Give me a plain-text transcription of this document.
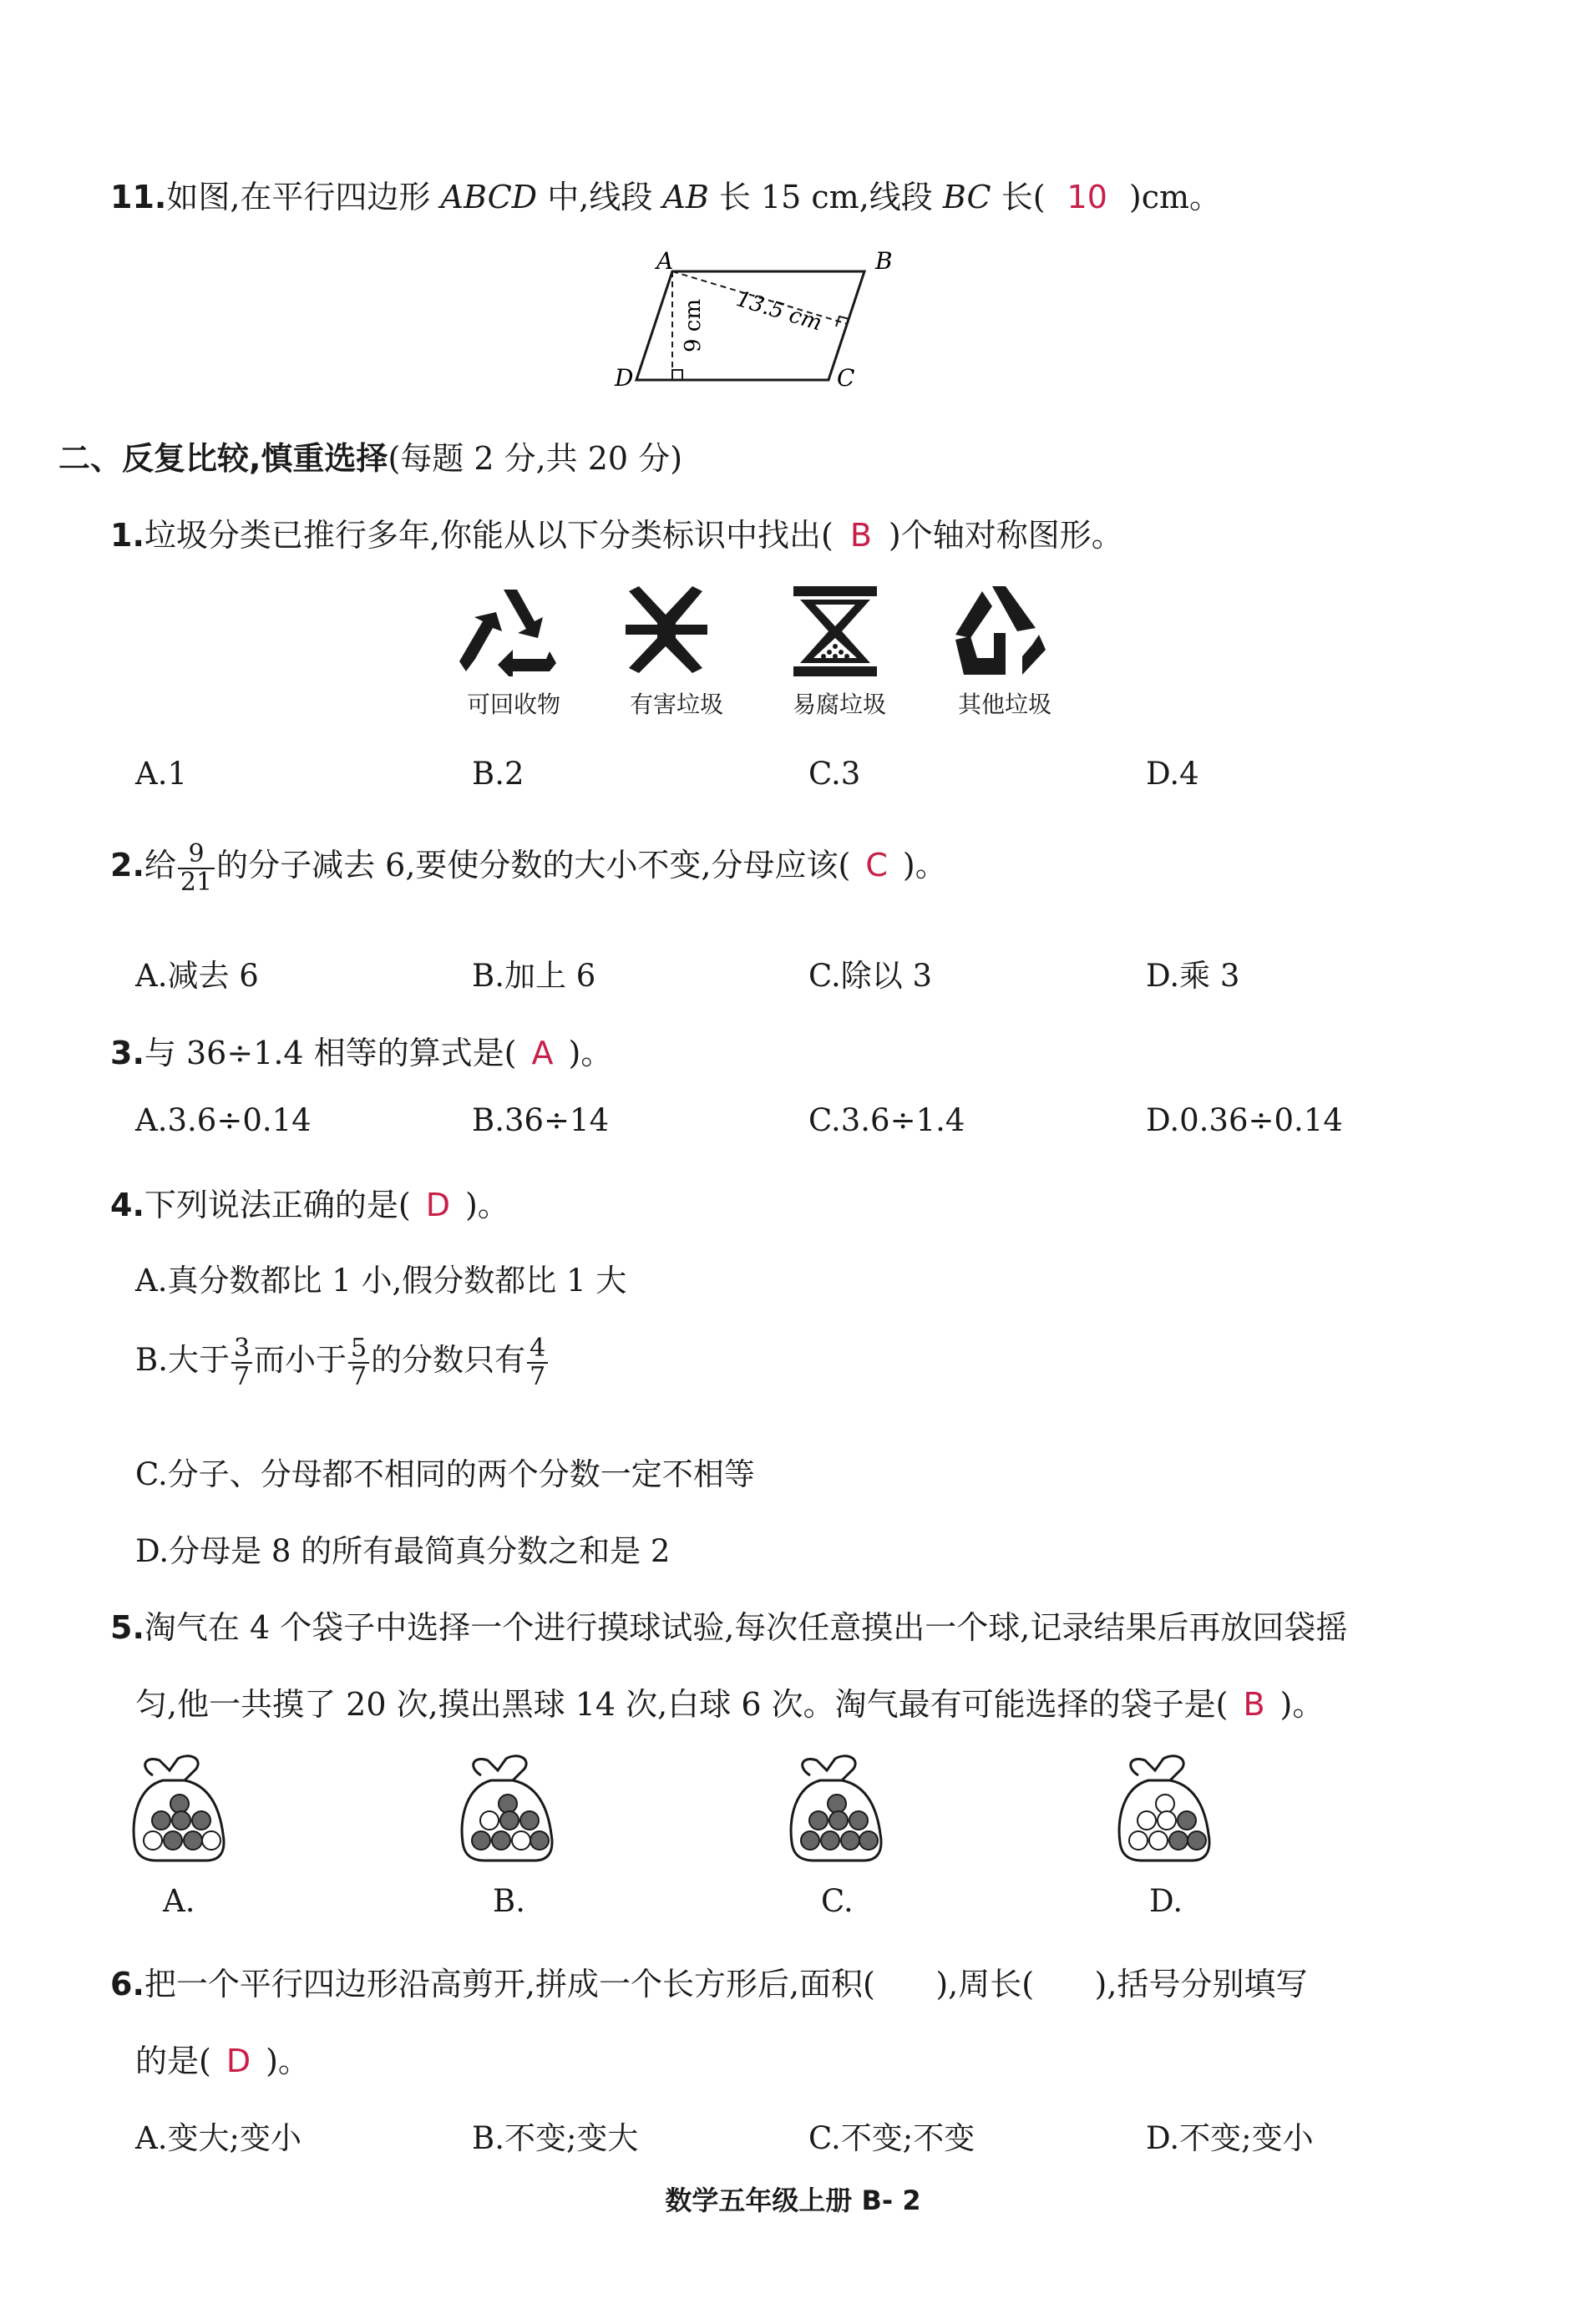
11.如图,在平行四边形 ABCD 中,线段 AB 长 15 cm,线段 BC 长( 10 )cm。
A	B
C
D
9 cm 13.5 cm
二、反复比较,慎重选择(每题 2 分,共 20 分)
1.垃圾分类已推行多年,你能从以下分类标识中找出( B )个轴对称图形。
可回收物	有害垃圾	易腐垃圾	其他垃圾
A.1	B.2	C.3	D.4
2.给 $\frac{9}{21}$ 的分子减去 6,要使分数的大小不变,分母应该( C )。
A.减去 6	B.加上 6	C.除以 3	D.乘 3
3.与 36÷1.4 相等的算式是( A )。
A.3.6÷0.14	B.36÷14	C.3.6÷1.4	D.0.36÷0.14
4.下列说法正确的是( D )。
A.真分数都比 1 小,假分数都比 1 大
B.大于 $\frac{3}{7}$ 而小于 $\frac{5}{7}$ 的分数只有 $\frac{4}{7}$
C.分子、分母都不相同的两个分数一定不相等
D.分母是 8 的所有最简真分数之和是 2
5.淘气在 4 个袋子中选择一个进行摸球试验,每次任意摸出一个球,记录结果后再放回袋摇
匀,他一共摸了 20 次,摸出黑球 14 次,白球 6 次。淘气最有可能选择的袋子是( B )。
A.	B.	C.	D.
6.把一个平行四边形沿高剪开,拼成一个长方形后,面积(      ),周长(      ),括号分别填写
的是( D )。
A.变大;变小	B.不变;变大	C.不变;不变	D.不变;变小
数学五年级上册 B- 2
